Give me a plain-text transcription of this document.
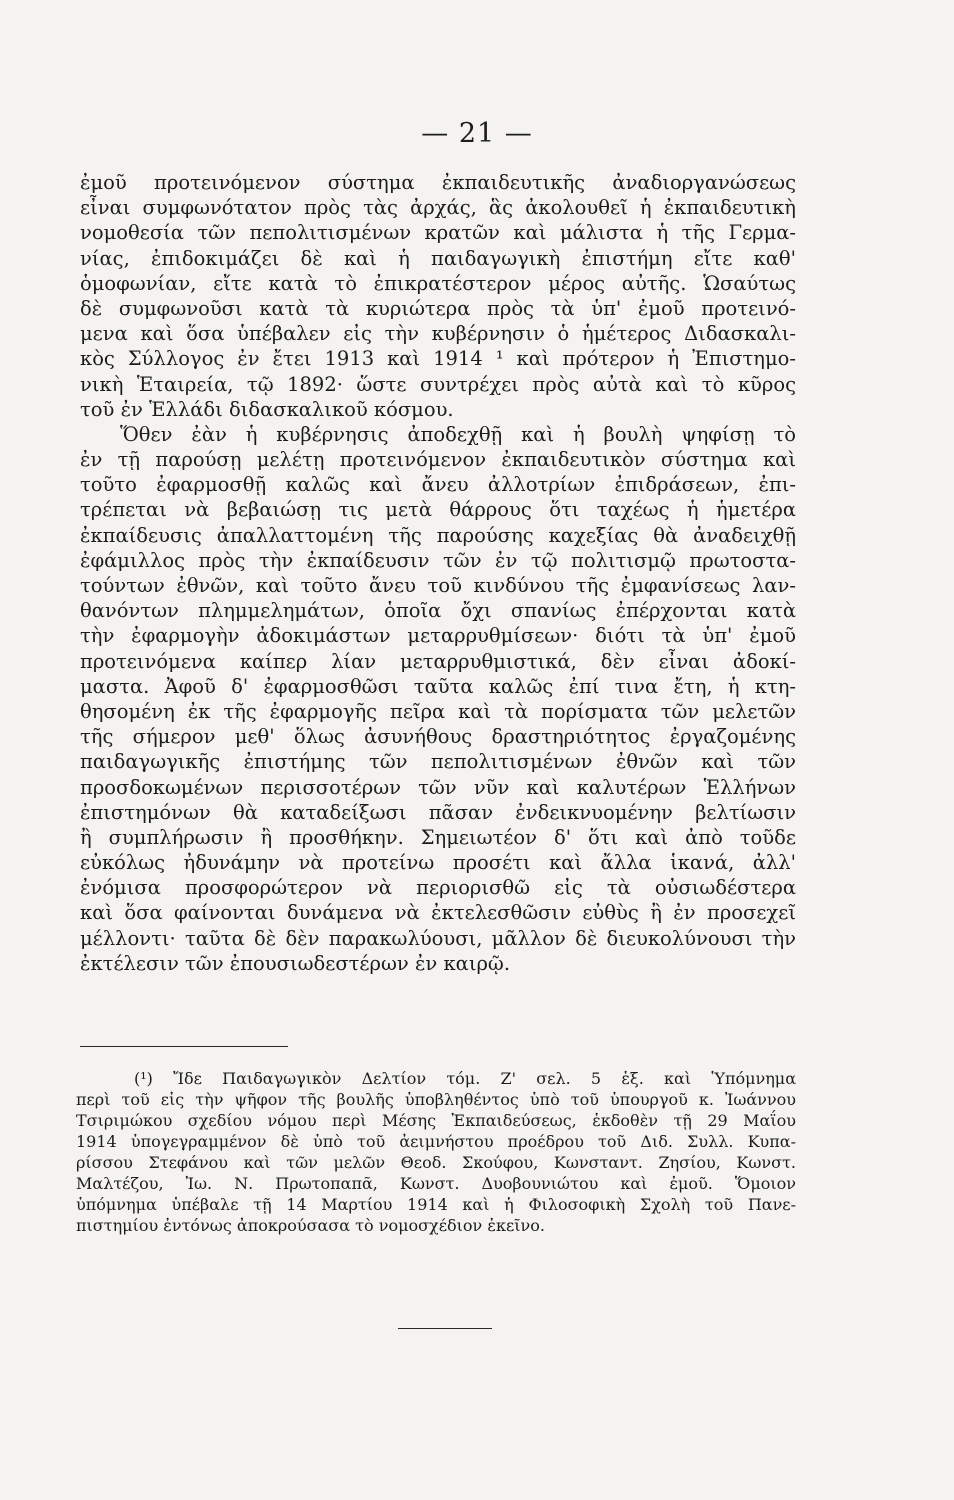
— 21 —
ἐμοῦ προτεινόμενον σύστημα ἐκπαιδευτικῆς ἀναδιοργανώσεως
εἶναι συμφωνότατον πρὸς τὰς ἀρχάς, ἃς ἀκολουθεῖ ἡ ἐκπαιδευτικὴ
νομοθεσία τῶν πεπολιτισμένων κρατῶν καὶ μάλιστα ἡ τῆς Γερμα-
νίας, ἐπιδοκιμάζει δὲ καὶ ἡ παιδαγωγικὴ ἐπιστήμη εἴτε καθ'
ὁμοφωνίαν, εἴτε κατὰ τὸ ἐπικρατέστερον μέρος αὐτῆς. Ὡσαύτως
δὲ συμφωνοῦσι κατὰ τὰ κυριώτερα πρὸς τὰ ὑπ' ἐμοῦ προτεινό-
μενα καὶ ὅσα ὑπέβαλεν εἰς τὴν κυβέρνησιν ὁ ἡμέτερος Διδασκαλι-
κὸς Σύλλογος ἐν ἔτει 1913 καὶ 1914 ¹ καὶ πρότερον ἡ Ἐπιστημο-
νικὴ Ἑταιρεία, τῷ 1892· ὥστε συντρέχει πρὸς αὐτὰ καὶ τὸ κῦρος
τοῦ ἐν Ἑλλάδι διδασκαλικοῦ κόσμου.
Ὅθεν ἐὰν ἡ κυβέρνησις ἀποδεχθῇ καὶ ἡ βουλὴ ψηφίσῃ τὸ
ἐν τῇ παρούσῃ μελέτῃ προτεινόμενον ἐκπαιδευτικὸν σύστημα καὶ
τοῦτο ἐφαρμοσθῇ καλῶς καὶ ἄνευ ἀλλοτρίων ἐπιδράσεων, ἐπι-
τρέπεται νὰ βεβαιώσῃ τις μετὰ θάρρους ὅτι ταχέως ἡ ἡμετέρα
ἐκπαίδευσις ἀπαλλαττομένη τῆς παρούσης καχεξίας θὰ ἀναδειχθῇ
ἐφάμιλλος πρὸς τὴν ἐκπαίδευσιν τῶν ἐν τῷ πολιτισμῷ πρωτοστα-
τούντων ἐθνῶν, καὶ τοῦτο ἄνευ τοῦ κινδύνου τῆς ἐμφανίσεως λαν-
θανόντων πλημμελημάτων, ὁποῖα ὄχι σπανίως ἐπέρχονται κατὰ
τὴν ἐφαρμογὴν ἀδοκιμάστων μεταρρυθμίσεων· διότι τὰ ὑπ' ἐμοῦ
προτεινόμενα καίπερ λίαν μεταρρυθμιστικά, δὲν εἶναι ἀδοκί-
μαστα. Ἀφοῦ δ' ἐφαρμοσθῶσι ταῦτα καλῶς ἐπί τινα ἔτη, ἡ κτη-
θησομένη ἐκ τῆς ἐφαρμογῆς πεῖρα καὶ τὰ πορίσματα τῶν μελετῶν
τῆς σήμερον μεθ' ὅλως ἀσυνήθους δραστηριότητος ἐργαζομένης
παιδαγωγικῆς ἐπιστήμης τῶν πεπολιτισμένων ἐθνῶν καὶ τῶν
προσδοκωμένων περισσοτέρων τῶν νῦν καὶ καλυτέρων Ἑλλήνων
ἐπιστημόνων θὰ καταδείξωσι πᾶσαν ἐνδεικνυομένην βελτίωσιν
ἢ συμπλήρωσιν ἢ προσθήκην. Σημειωτέον δ' ὅτι καὶ ἀπὸ τοῦδε
εὐκόλως ἠδυνάμην νὰ προτείνω προσέτι καὶ ἄλλα ἱκανά, ἀλλ'
ἐνόμισα προσφορώτερον νὰ περιορισθῶ εἰς τὰ οὐσιωδέστερα
καὶ ὅσα φαίνονται δυνάμενα νὰ ἐκτελεσθῶσιν εὐθὺς ἢ ἐν προσεχεῖ
μέλλοντι· ταῦτα δὲ δὲν παρακωλύουσι, μᾶλλον δὲ διευκολύνουσι τὴν
ἐκτέλεσιν τῶν ἐπουσιωδεστέρων ἐν καιρῷ.
(¹) Ἴδε Παιδαγωγικὸν Δελτίον τόμ. Ζ' σελ. 5 ἑξ. καὶ Ὑπόμνημα
περὶ τοῦ εἰς τὴν ψῆφον τῆς βουλῆς ὑποβληθέντος ὑπὸ τοῦ ὑπουργοῦ κ. Ἰωάννου
Τσιριμώκου σχεδίου νόμου περὶ Μέσης Ἐκπαιδεύσεως, ἐκδοθὲν τῇ 29 Μαΐου
1914 ὑπογεγραμμένον δὲ ὑπὸ τοῦ ἀειμνήστου προέδρου τοῦ Διδ. Συλλ. Κυπα-
ρίσσου Στεφάνου καὶ τῶν μελῶν Θεοδ. Σκούφου, Κωνσταντ. Ζησίου, Κωνστ.
Μαλτέζου, Ἰω. Ν. Πρωτοπαπᾶ, Κωνστ. Δυοβουνιώτου καὶ ἐμοῦ. Ὅμοιον
ὑπόμνημα ὑπέβαλε τῇ 14 Μαρτίου 1914 καὶ ἡ Φιλοσοφικὴ Σχολὴ τοῦ Πανε-
πιστημίου ἐντόνως ἀποκρούσασα τὸ νομοσχέδιον ἐκεῖνο.
